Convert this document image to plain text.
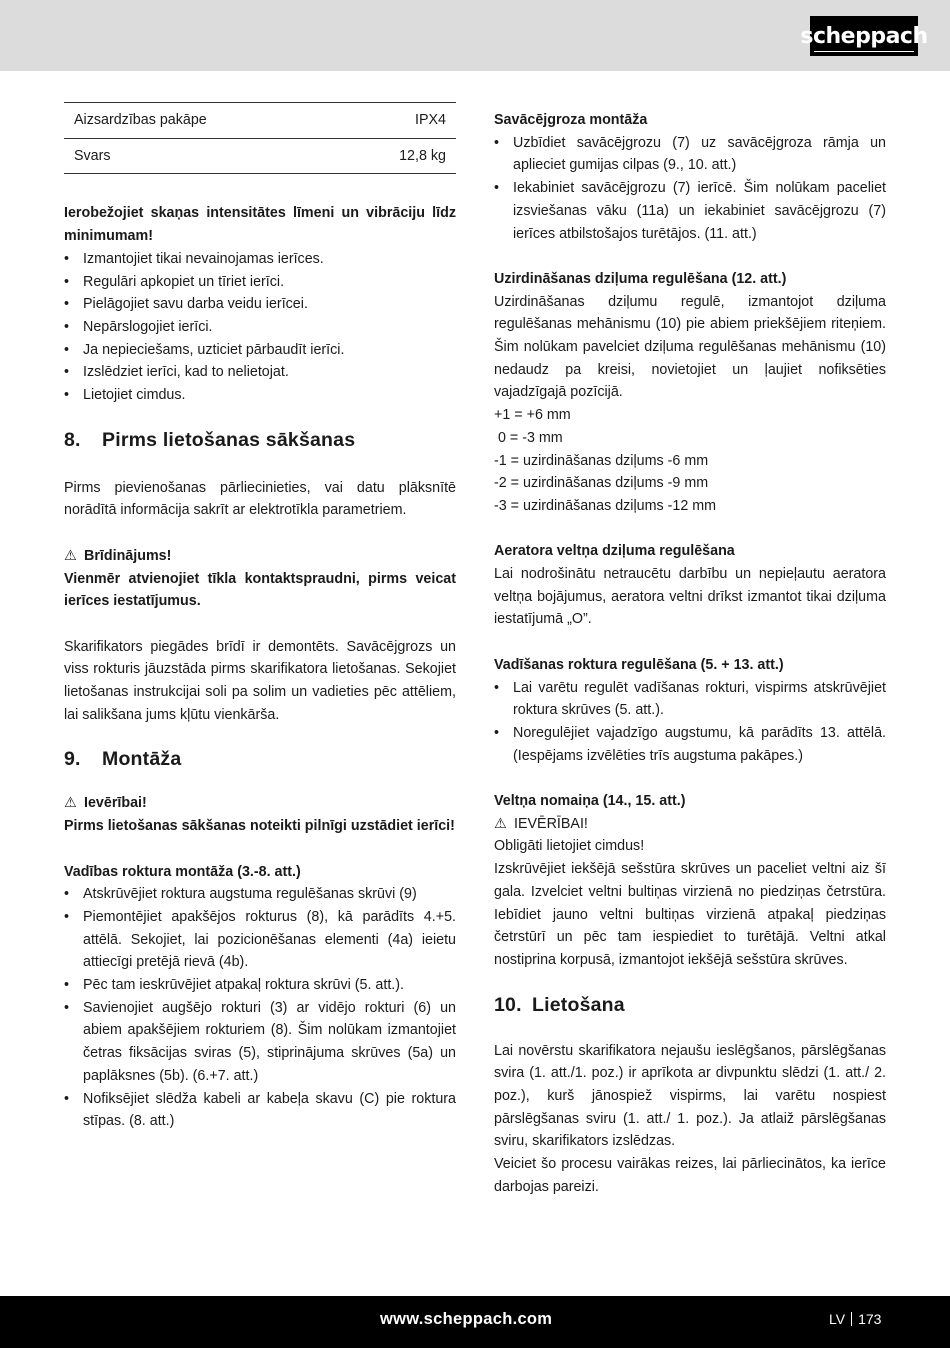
scheppach
Aizsardzības pakāpe	IPX4
Svars	12,8 kg

Ierobežojiet skaņas intensitātes līmeni un vibrāciju līdz minimumam!

• Izmantojiet tikai nevainojamas ierīces.
• Regulāri apkopiet un tīriet ierīci.
• Pielāgojiet savu darba veidu ierīcei.
• Nepārslogojiet ierīci.
• Ja nepieciešams, uzticiet pārbaudīt ierīci.
• Izslēdziet ierīci, kad to nelietojat.
• Lietojiet cimdus.
8. Pirms lietošanas sākšanas

Pirms pievienošanas pārliecinieties, vai datu plāksnītē norādītā informācija sakrīt ar elektrotīkla parametriem.

⚠ Brīdinājums!

Vienmēr atvienojiet tīkla kontaktspraudni, pirms veicat ierīces iestatījumus.

Skarifikators piegādes brīdī ir demontēts. Savācējgrozs un viss rokturis jāuzstāda pirms skarifikatora lietošanas. Sekojiet lietošanas instrukcijai soli pa solim un vadieties pēc attēliem, lai salikšana jums kļūtu vienkārša.

9. Montāža

⚠ Ievērībai!

Pirms lietošanas sākšanas noteikti pilnīgi uzstādiet ierīci!

Vadības roktura montāža (3.-8. att.)

• Atskrūvējiet roktura augstuma regulēšanas skrūvi (9)
• Piemontējiet apakšējos rokturus (8), kā parādīts 4.+5. attēlā. Sekojiet, lai pozicionēšanas elementi (4a) ieietu attiecīgi pretējā rievā (4b).
• Pēc tam ieskrūvējiet atpakaļ roktura skrūvi (5. att.).
• Savienojiet augšējo rokturi (3) ar vidējo rokturi (6) un abiem apakšējiem rokturiem (8). Šim nolūkam izmantojiet četras fiksācijas sviras (5), stiprinājuma skrūves (5a) un paplāksnes (5b). (6.+7. att.)
• Nofiksējiet slēdža kabeli ar kabeļa skavu (C) pie roktura stīpas. (8. att.)

Savācējgroza montāža

• Uzbīdiet savācējgrozu (7) uz savācējgroza rāmja un aplieciet gumijas cilpas (9., 10. att.)
• Iekabiniet savācējgrozu (7) ierīcē. Šim nolūkam paceliet izsviešanas vāku (11a) un iekabiniet savācējgrozu (7) ierīces atbilstošajos turētājos. (11. att.)

Uzirdināšanas dziļuma regulēšana (12. att.)

Uzirdināšanas dziļumu regulē, izmantojot dziļuma regulēšanas mehānismu (10) pie abiem priekšējiem riteņiem. Šim nolūkam pavelciet dziļuma regulēšanas mehānismu (10) nedaudz pa kreisi, novietojiet un ļaujiet nofiksēties vajadzīgajā pozīcijā.

+1 = +6 mm

0 = -3 mm

-1 = uzirdināšanas dziļums -6 mm

-2 = uzirdināšanas dziļums -9 mm

-3 = uzirdināšanas dziļums -12 mm

Aeratora veltņa dziļuma regulēšana

Lai nodrošinātu netraucētu darbību un nepieļautu aeratora veltņa bojājumus, aeratora veltni drīkst izmantot tikai dziļuma iestatījumā „O”.

Vadīšanas roktura regulēšana (5. + 13. att.)

• Lai varētu regulēt vadīšanas rokturi, vispirms atskrūvējiet roktura skrūves (5. att.).
• Noregulējiet vajadzīgo augstumu, kā parādīts 13. attēlā. (Iespējams izvēlēties trīs augstuma pakāpes.)

Veltņa nomaiņa (14., 15. att.)

⚠ IEVĒRĪBAI!

Obligāti lietojiet cimdus!

Izskrūvējiet iekšējā sešstūra skrūves un paceliet veltni aiz šī gala. Izvelciet veltni bultiņas virzienā no piedziņas četrstūra. Iebīdiet jauno veltni bultiņas virzienā atpakaļ piedziņas četrstūrī un pēc tam iespiediet to turētājā. Veltni atkal nostiprina korpusā, izmantojot iekšējā sešstūra skrūves.

10. Lietošana

Lai novērstu skarifikatora nejaušu ieslēgšanos, pārslēgšanas svira (1. att./1. poz.) ir aprīkota ar divpunktu slēdzi (1. att./ 2. poz.), kurš jānospiež vispirms, lai varētu nospiest pārslēgšanas sviru (1. att./ 1. poz.). Ja atlaiž pārslēgšanas sviru, skarifikators izslēdzas.

Veiciet šo procesu vairākas reizes, lai pārliecinātos, ka ierīce darbojas pareizi.

www.scheppach.com	LV 173
